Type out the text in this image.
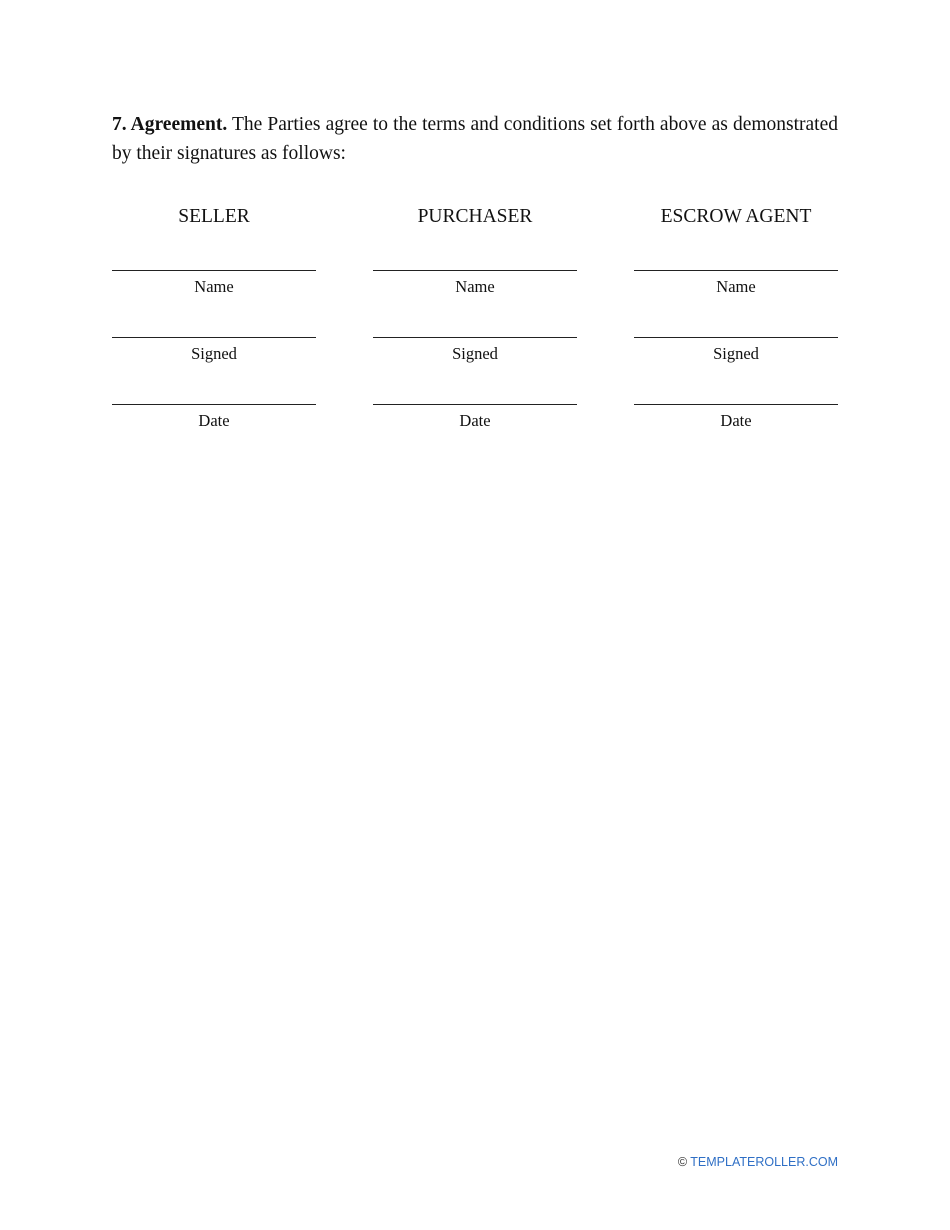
7. Agreement. The Parties agree to the terms and conditions set forth above as demonstrated by their signatures as follows:
SELLER
Name
Signed
Date
PURCHASER
Name
Signed
Date
ESCROW AGENT
Name
Signed
Date
© TEMPLATEROLLER.COM
